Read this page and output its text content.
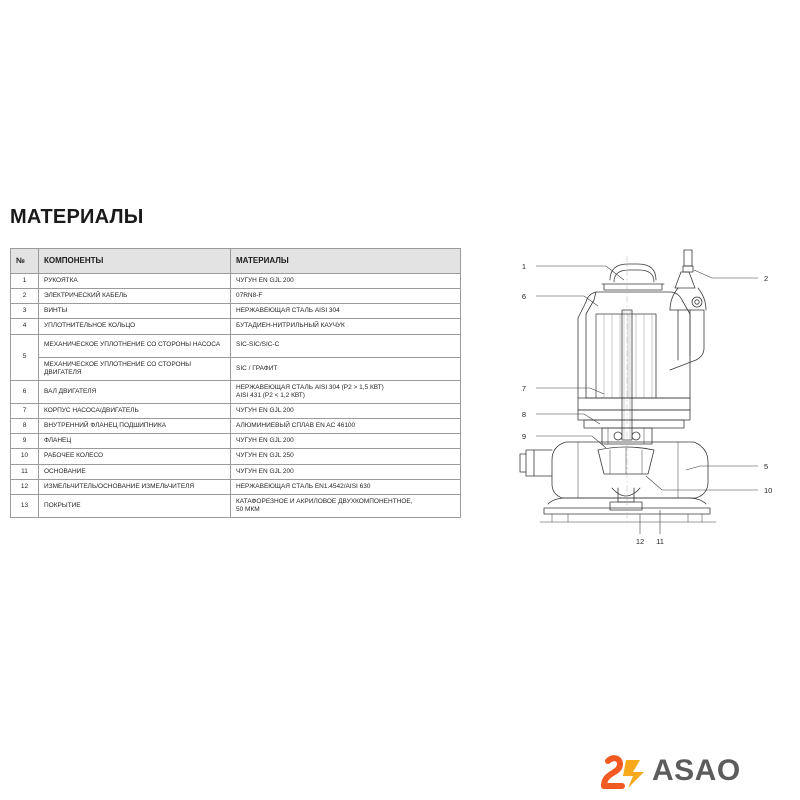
МАТЕРИАЛЫ
№	КОМПОНЕНТЫ	МАТЕРИАЛЫ
1	РУКОЯТКА	ЧУГУН EN GJL 200
2	ЭЛЕКТРИЧЕСКИЙ КАБЕЛЬ	07RN8-F
3	ВИНТЫ	НЕРЖАВЕЮЩАЯ СТАЛЬ AISI 304
4	УПЛОТНИТЕЛЬНОЕ КОЛЬЦО	БУТАДИЕН-НИТРИЛЬНЫЙ КАУЧУК
5	МЕХАНИЧЕСКОЕ УПЛОТНЕНИЕ СО СТОРОНЫ НАСОСА	SIC-SIC/SIC-C
	МЕХАНИЧЕСКОЕ УПЛОТНЕНИЕ СО СТОРОНЫ ДВИГАТЕЛЯ	SIC / ГРАФИТ
6	ВАЛ ДВИГАТЕЛЯ	НЕРЖАВЕЮЩАЯ СТАЛЬ AISI 304 (P2 > 1,5 КВТ)
AISI 431 (P2 < 1,2 КВТ)

7	КОРПУС НАСОСА/ДВИГАТЕЛЬ	ЧУГУН EN GJL 200
8	ВНУТРЕННИЙ ФЛАНЕЦ ПОДШИПНИКА	АЛЮМИНИЕВЫЙ СПЛАВ EN AC 46100
9	ФЛАНЕЦ	ЧУГУН EN GJL 200
10	РАБОЧЕЕ КОЛЕСО	ЧУГУН EN GJL 250
11	ОСНОВАНИЕ	ЧУГУН EN GJL 200
12	ИЗМЕЛЬЧИТЕЛЬ/ОСНОВАНИЕ ИЗМЕЛЬЧИТЕЛЯ	НЕРЖАВЕЮЩАЯ СТАЛЬ EN1.4542/AISI 630
13	ПОКРЫТИЕ	КАТАФОРЕЗНОЕ И АКРИЛОВОЕ ДВУХКОМПОНЕНТНОЕ,
50 МКМ
1
2
6
7
8
9
5
10
12 11
ASAO
